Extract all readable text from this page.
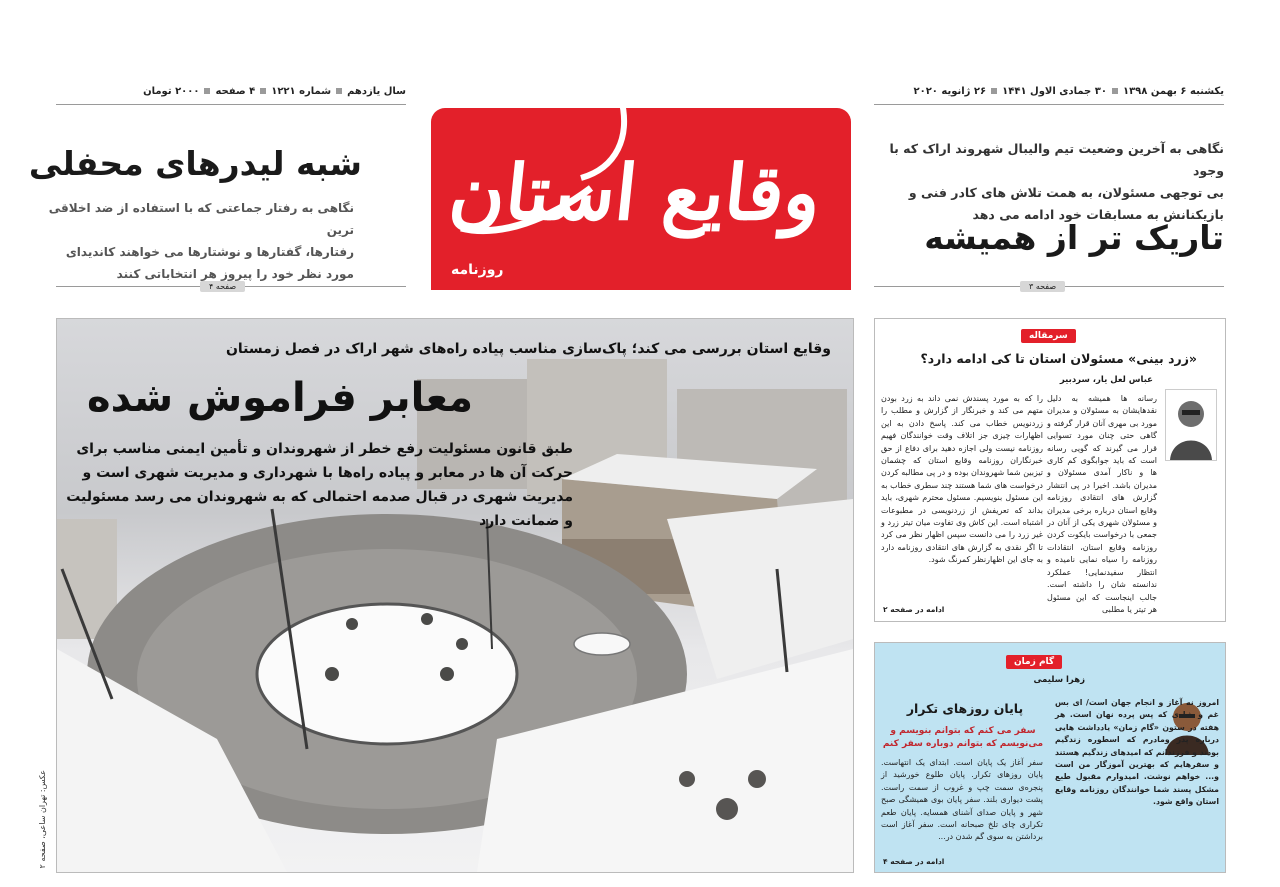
یکشنبه ۶ بهمن ۱۳۹۸۳۰ جمادی الاول ۱۴۴۱۲۶ ژانویه ۲۰۲۰
سال یازدهمشماره ۱۲۲۱۴ صفحه۲۰۰۰ تومان
وقایع استان
روزنامه
نگاهی به آخرین وضعیت تیم والیبال شهروند اراک که با وجود
بی توجهی مسئولان، به همت تلاش های کادر فنی و
بازیکنانش به مسابقات خود ادامه می دهد
تاریک تر از همیشه
صفحه ۳
شبه لیدرهای محفلی
نگاهی به رفتار جماعتی که با استفاده از ضد اخلاقی ترین
رفتارها، گفتارها و نوشتارها می خواهند کاندیدای
مورد نظر خود را پیروز هر انتخاباتی کنند
صفحه ۴
وقایع استان بررسی می کند؛ پاک‌سازی مناسب پیاده راه‌های شهر اراک در فصل زمستان
معابر فراموش شده
طبق قانون مسئولیت رفع خطر از شهروندان و تأمین ایمنی مناسب برای حرکت آن ها در معابر و پیاده راه‌ها با شهرداری و مدیریت شهری است و مدیریت شهری در قبال صدمه احتمالی که به شهروندان می رسد مسئولیت و ضمانت دارد
عکس: تهران ساعی، صفحه ۲
سرمقاله
«زرد بینی» مسئولان استان تا کی ادامه دارد؟
عباس لعل یار، سردبیر
رسانه ها همیشه به دلیل نقدهایشان به مسئولان و مدیران مورد بی مهری آنان قرار گرفته و گاهی حتی چنان مورد تسوایی قرار می گیرند که گویی رسانه است که باید جوابگوی کم کاری ها و ناکار آمدی مسئولان و مدیران باشد. اخیرا در پی انتشار گزارش های انتقادی روزنامه وقایع استان درباره برخی مدیران و مسئولان شهری یکی از آنان در جمعی با درخواست بایکوت کردن روزنامه وقایع استان، انتقادات روزنامه را سیاه نمایی نامیده و انتظار سفیدنمایی! عملکرد ندانسته شان را داشته است. جالب اینجاست که این مسئول هر تیتر یا مطلبی
را که به مورد پسندش نمی داند به زرد بودن متهم می کند و خبرنگار از گزارش و مطلب را زردنویس خطاب می کند. پاسخ دادن به این اظهارات چیزی جز اتلاف وقت خوانندگان فهیم روزنامه نیست ولی اجازه دهید برای دفاع از حق خبرنگاران روزنامه وقایع استان که چشمان تیزبین شما شهروندان بوده و در پی مطالبه کردن درخواست های شما هستند چند سطری خطاب به این مسئول بنویسیم. مسئول محترم شهری، باید بداند که تعریفش از زردنویسی در مطبوعات اشتباه است. این کاش وی تفاوت میان تیتر زرد و غیر زرد را می دانست سپس اظهار نظر می کرد تا اگر نقدی به گزارش های انتقادی روزنامه دارد به جای این اظهارنظر کمرنگ شود.
ادامه در صفحه ۲
گام زمان
زهرا سلیمی
پایان روزهای تکرار
سفر می کنم که بتوانم بنویسم و
می‌نویسم که بتوانم دوباره سفر کنم
امروز نه آغاز و انجام جهان است/ ای بس غم و شادی که پس پرده نهان است. هر هفته در ستون «گام زمان» یادداشت هایی درباره پدر ومادرم که اسطوره زندگیم بودند و فرزندانم که امیدهای زندگیم هستند و سفرهایم که بهترین آموزگار من است و... خواهم نوشت. امیدوارم مقبول طبع مشکل پسند شما خوانندگان روزنامه وقایع استان واقع شود.
سفر آغاز یک پایان است. ابتدای یک انتهاست. پایان روزهای تکرار. پایان طلوع خورشید از پنجره‌ی سمت چپ و غروب از سمت راست. پشت دیواری بلند. سفر پایان بوی همیشگی صبح شهر و پایان صدای آشنای همسایه. پایان طعم تکراری چای تلخ صبحانه است. سفر آغاز است برداشتن به سوی گم شدن در...
ادامه در صفحه ۴
